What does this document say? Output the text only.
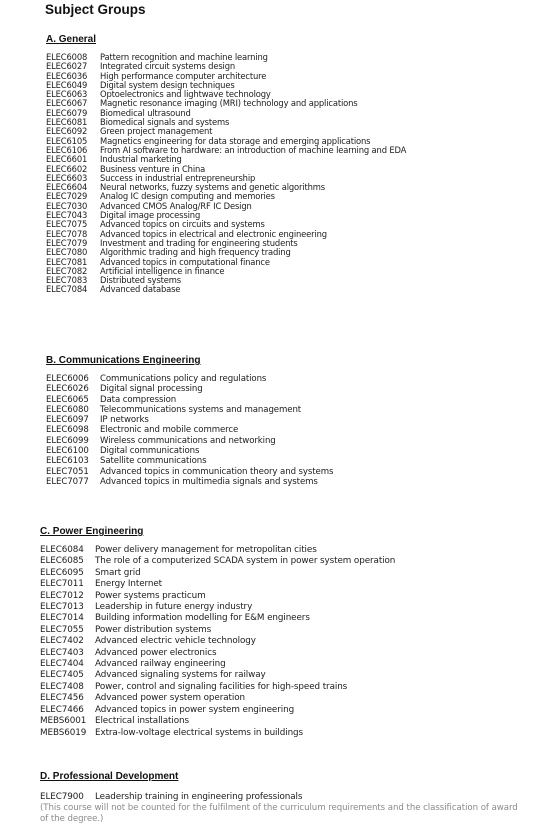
Subject Groups
A. General
ELEC6008	Pattern recognition and machine learning
ELEC6027	Integrated circuit systems design
ELEC6036	High performance computer architecture
ELEC6049	Digital system design techniques
ELEC6063	Optoelectronics and lightwave technology
ELEC6067	Magnetic resonance imaging (MRI) technology and applications
ELEC6079	Biomedical ultrasound
ELEC6081	Biomedical signals and systems
ELEC6092	Green project management
ELEC6105	Magnetics engineering for data storage and emerging applications
ELEC6106	From AI software to hardware: an introduction of machine learning and EDA
ELEC6601	Industrial marketing
ELEC6602	Business venture in China
ELEC6603	Success in industrial entrepreneurship
ELEC6604	Neural networks, fuzzy systems and genetic algorithms
ELEC7029	Analog IC design computing and memories
ELEC7030	Advanced CMOS Analog/RF IC Design
ELEC7043	Digital image processing
ELEC7075	Advanced topics on circuits and systems
ELEC7078	Advanced topics in electrical and electronic engineering
ELEC7079	Investment and trading for engineering students
ELEC7080	Algorithmic trading and high frequency trading
ELEC7081	Advanced topics in computational finance
ELEC7082	Artificial intelligence in finance
ELEC7083	Distributed systems
ELEC7084	Advanced database
B. Communications Engineering
ELEC6006	Communications policy and regulations
ELEC6026	Digital signal processing
ELEC6065	Data compression
ELEC6080	Telecommunications systems and management
ELEC6097	IP networks
ELEC6098	Electronic and mobile commerce
ELEC6099	Wireless communications and networking
ELEC6100	Digital communications
ELEC6103	Satellite communications
ELEC7051	Advanced topics in communication theory and systems
ELEC7077	Advanced topics in multimedia signals and systems
C. Power Engineering
ELEC6084	Power delivery management for metropolitan cities
ELEC6085	The role of a computerized SCADA system in power system operation
ELEC6095	Smart grid
ELEC7011	Energy Internet
ELEC7012	Power systems practicum
ELEC7013	Leadership in future energy industry
ELEC7014	Building information modelling for E&M engineers
ELEC7055	Power distribution systems
ELEC7402	Advanced electric vehicle technology
ELEC7403	Advanced power electronics
ELEC7404	Advanced railway engineering
ELEC7405	Advanced signaling systems for railway
ELEC7408	Power, control and signaling facilities for high-speed trains
ELEC7456	Advanced power system operation
ELEC7466	Advanced topics in power system engineering
MEBS6001 Electrical installations
MEBS6019 Extra-low-voltage electrical systems in buildings
D. Professional Development
ELEC7900	Leadership training in engineering professionals
(This course will not be counted for the fulfilment of the curriculum requirements and the classification of award of the degree.)
